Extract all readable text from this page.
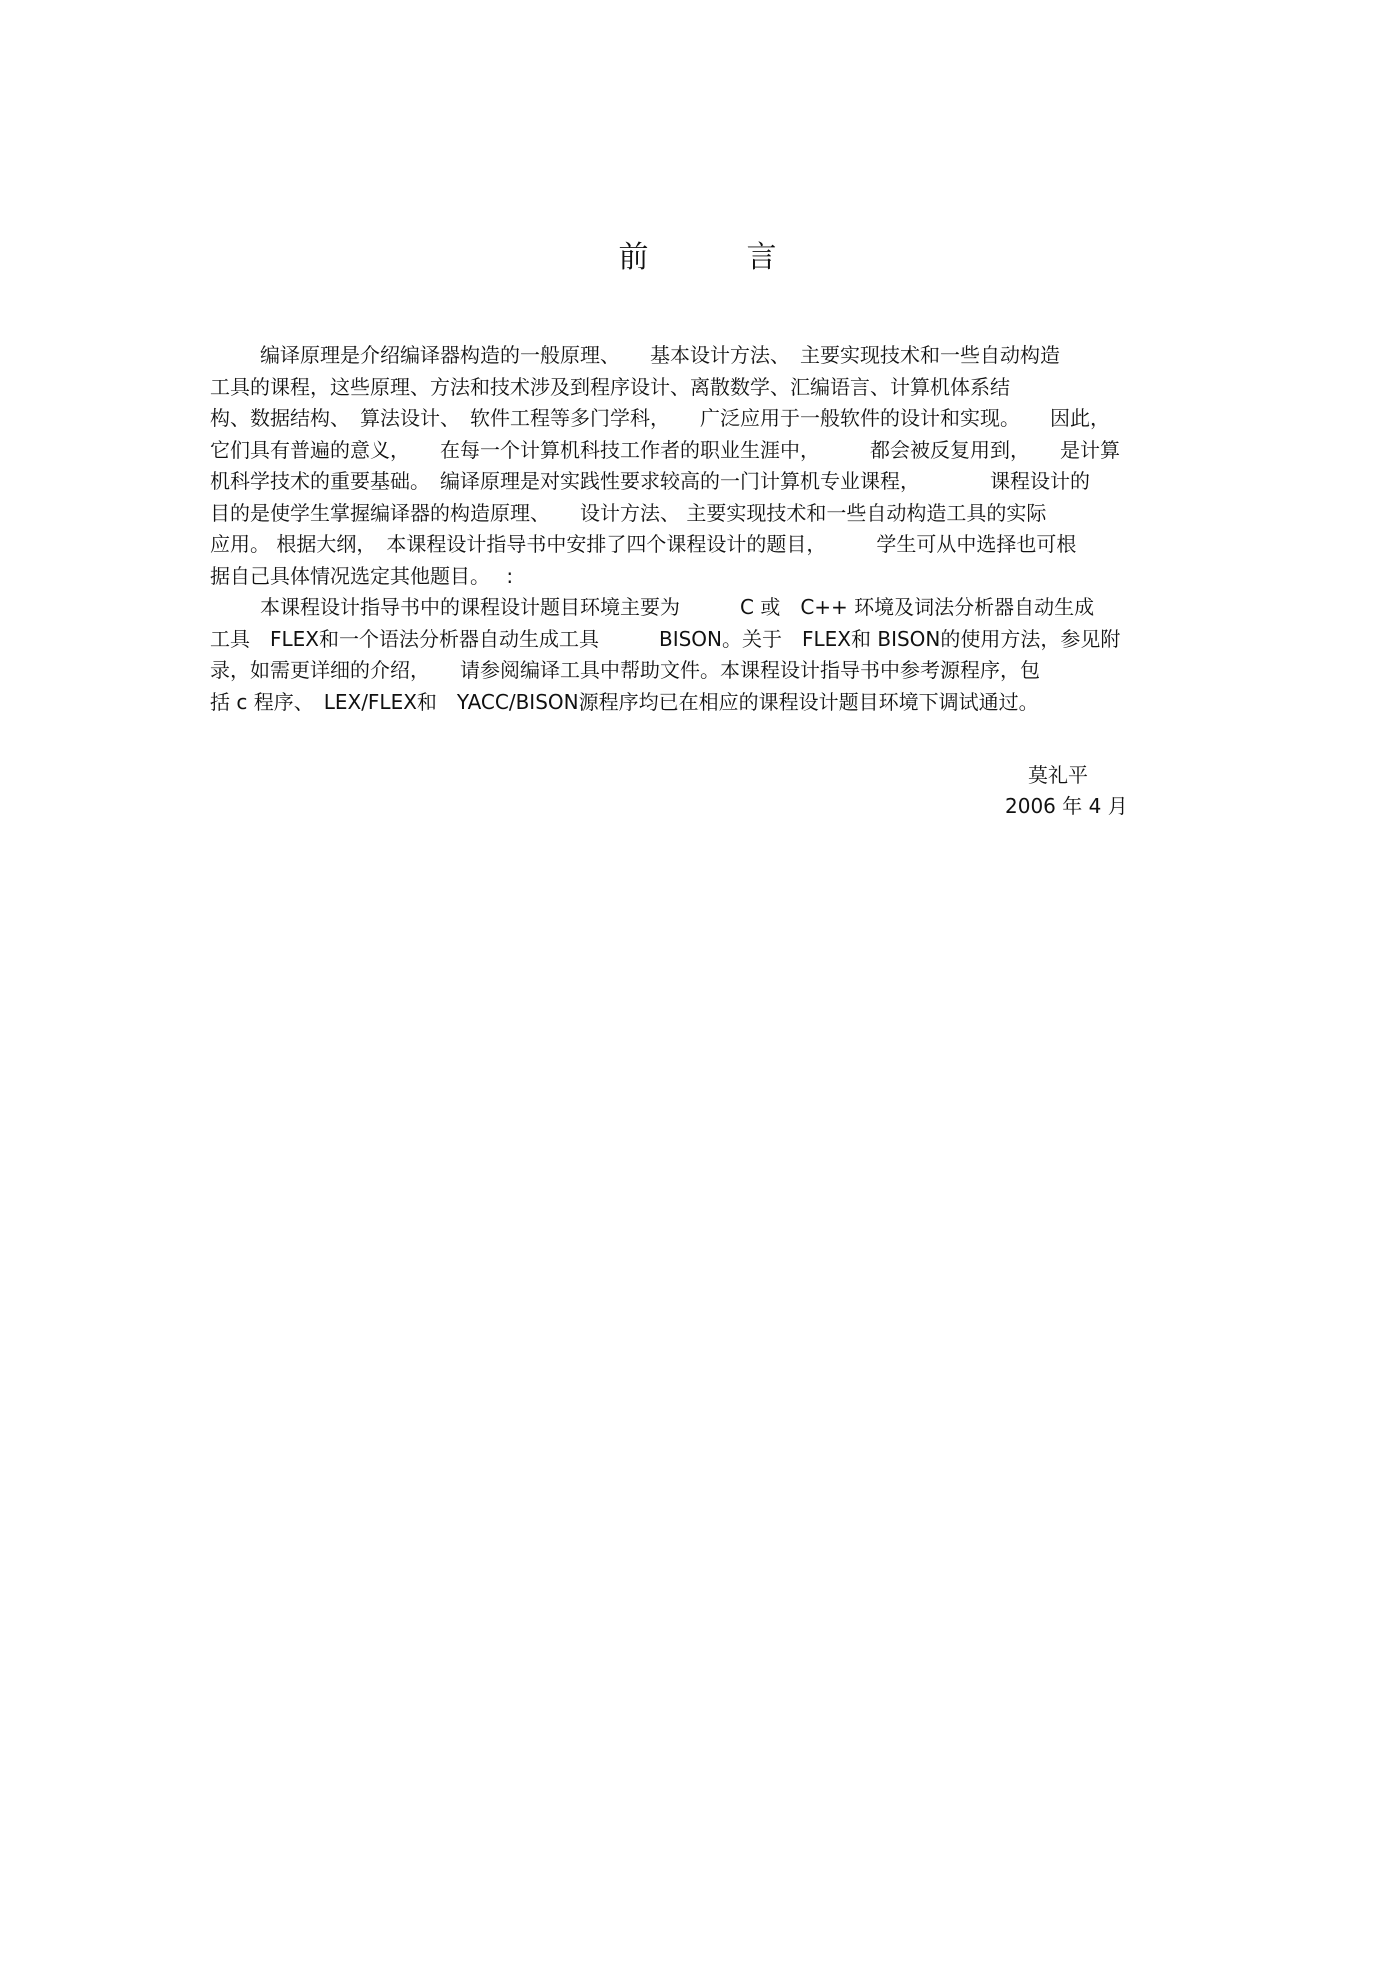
前	言
编译原理是介绍编译器构造的一般原理、　　基本设计方法、　主要实现技术和一些自动构造
工具的课程，这些原理、方法和技术涉及到程序设计、离散数学、汇编语言、计算机体系结
构、数据结构、　算法设计、　软件工程等多门学科，　　广泛应用于一般软件的设计和实现。　　因此，
它们具有普遍的意义，　　在每一个计算机科技工作者的职业生涯中，　　　都会被反复用到，　　是计算
机科学技术的重要基础。　编译原理是对实践性要求较高的一门计算机专业课程，　　　　课程设计的
目的是使学生掌握编译器的构造原理、　　设计方法、 主要实现技术和一些自动构造工具的实际
应用。 根据大纲，　本课程设计指导书中安排了四个课程设计的题目，　　　学生可从中选择也可根
据自己具体情况选定其他题目。　 :
本课程设计指导书中的课程设计题目环境主要为　　　C 或　C++ 环境及词法分析器自动生成
工具　FLEX和一个语法分析器自动生成工具　　　BISON。关于　FLEX和 BISON的使用方法，参见附
录，如需更详细的介绍，　　请参阅编译工具中帮助文件。本课程设计指导书中参考源程序，包
括 c 程序、　LEX/FLEX和　YACC/BISON源程序均已在相应的课程设计题目环境下调试通过。
莫礼平
2006 年 4 月
